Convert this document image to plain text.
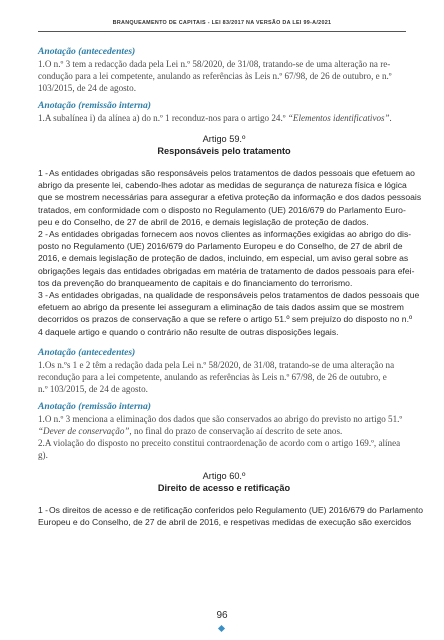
BRANQUEAMENTO DE CAPITAIS - LEI 83/2017 NA VERSÃO DA LEI 99-A/2021

Anotação (antecedentes)

1.O n.º 3 tem a redacção dada pela Lei n.º 58/2020, de 31/08, tratando-se de uma alteração na re-

condução para a lei competente, anulando as referências às Leis n.º 67/98, de 26 de outubro, e n.º

103/2015, de 24 de agosto.

Anotação (remissão interna)

1.A subalínea i) da alínea a) do n.º 1 reconduz-nos para o artigo 24.º “Elementos identificativos”.

Artigo 59.º

Responsáveis pelo tratamento

1 -As entidades obrigadas são responsáveis pelos tratamentos de dados pessoais que efetuem ao

abrigo da presente lei, cabendo-lhes adotar as medidas de segurança de natureza física e lógica

que se mostrem necessárias para assegurar a efetiva proteção da informação e dos dados pessoais

tratados, em conformidade com o disposto no Regulamento (UE) 2016/679 do Parlamento Euro-

peu e do Conselho, de 27 de abril de 2016, e demais legislação de proteção de dados.

2 -As entidades obrigadas fornecem aos novos clientes as informações exigidas ao abrigo do dis-

posto no Regulamento (UE) 2016/679 do Parlamento Europeu e do Conselho, de 27 de abril de

2016, e demais legislação de proteção de dados, incluindo, em especial, um aviso geral sobre as

obrigações legais das entidades obrigadas em matéria de tratamento de dados pessoais para efei-

tos da prevenção do branqueamento de capitais e do financiamento do terrorismo.

3 -As entidades obrigadas, na qualidade de responsáveis pelos tratamentos de dados pessoais que

efetuem ao abrigo da presente lei asseguram a eliminação de tais dados assim que se mostrem

decorridos os prazos de conservação a que se refere o artigo 51.º sem prejuízo do disposto no n.º

4 daquele artigo e quando o contrário não resulte de outras disposições legais.

Anotação (antecedentes)

1.Os n.ºs 1 e 2 têm a redação dada pela Lei n.º 58/2020, de 31/08, tratando-se de uma alteração na

recondução para a lei competente, anulando as referências às Leis n.º 67/98, de 26 de outubro, e

n.º 103/2015, de 24 de agosto.

Anotação (remissão interna)

1.O n.º 3 menciona a eliminação dos dados que são conservados ao abrigo do previsto no artigo 51.º

“Dever de conservação”, no final do prazo de conservação aí descrito de sete anos.

2.A violação do disposto no preceito constitui contraordenação de acordo com o artigo 169.º, alínea

g).

Artigo 60.º

Direito de acesso e retificação

1 -Os direitos de acesso e de retificação conferidos pelo Regulamento (UE) 2016/679 do Parlamento

Europeu e do Conselho, de 27 de abril de 2016, e respetivas medidas de execução são exercidos

96
